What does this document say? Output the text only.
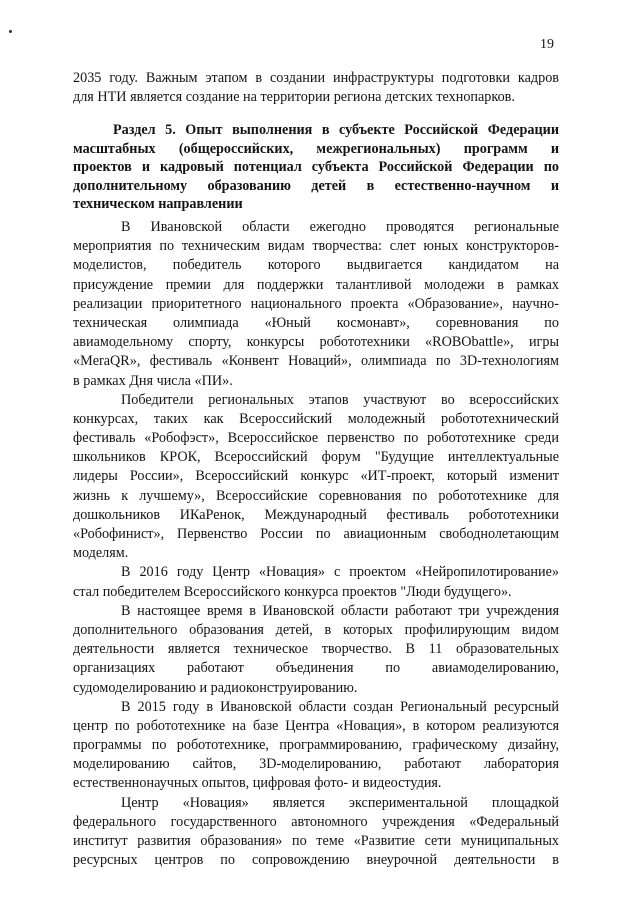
19
2035 году. Важным этапом в создании инфраструктуры подготовки кадров
для НТИ является создание на территории региона детских технопарков.
Раздел 5. Опыт выполнения в субъекте Российской Федерации
масштабных (общероссийских, межрегиональных) программ и
проектов и кадровый потенциал субъекта Российской Федерации по
дополнительному образованию детей в естественно-научном и
техническом направлении
В Ивановской области ежегодно проводятся региональные
мероприятия по техническим видам творчества: слет юных конструкторов-
моделистов, победитель которого выдвигается кандидатом на
присуждение премии для поддержки талантливой молодежи в рамках
реализации приоритетного национального проекта «Образование», научно-
техническая олимпиада «Юный космонавт», соревнования по
авиамодельному спорту, конкурсы робототехники «ROBObattle», игры
«MeraQR», фестиваль «Конвент Новаций», олимпиада по 3D-технологиям
в рамках Дня числа «ПИ».
Победители региональных этапов участвуют во всероссийских
конкурсах, таких как Всероссийский молодежный робототехнический
фестиваль «Робофэст», Всероссийское первенство по робототехнике среди
школьников КРОК, Всероссийский форум "Будущие интеллектуальные
лидеры России», Всероссийский конкурс «ИТ-проект, который изменит
жизнь к лучшему», Всероссийские соревнования по робототехнике для
дошкольников ИКаРенок, Международный фестиваль робототехники
«Робофинист», Первенство России по авиационным свободнолетающим
моделям.
В 2016 году Центр «Новация» с проектом «Нейропилотирование»
стал победителем Всероссийского конкурса проектов "Люди будущего».
В настоящее время в Ивановской области работают три учреждения
дополнительного образования детей, в которых профилирующим видом
деятельности является техническое творчество. В 11 образовательных
организациях работают объединения по авиамоделированию,
судомоделированию и радиоконструированию.
В 2015 году в Ивановской области создан Региональный ресурсный
центр по робототехнике на базе Центра «Новация», в котором реализуются
программы по робототехнике, программированию, графическому дизайну,
моделированию сайтов, 3D-моделированию, работают лаборатория
естественнонаучных опытов, цифровая фото- и видеостудия.
Центр «Новация» является экспериментальной площадкой
федерального государственного автономного учреждения «Федеральный
институт развития образования» по теме «Развитие сети муниципальных
ресурсных центров по сопровождению внеурочной деятельности в
